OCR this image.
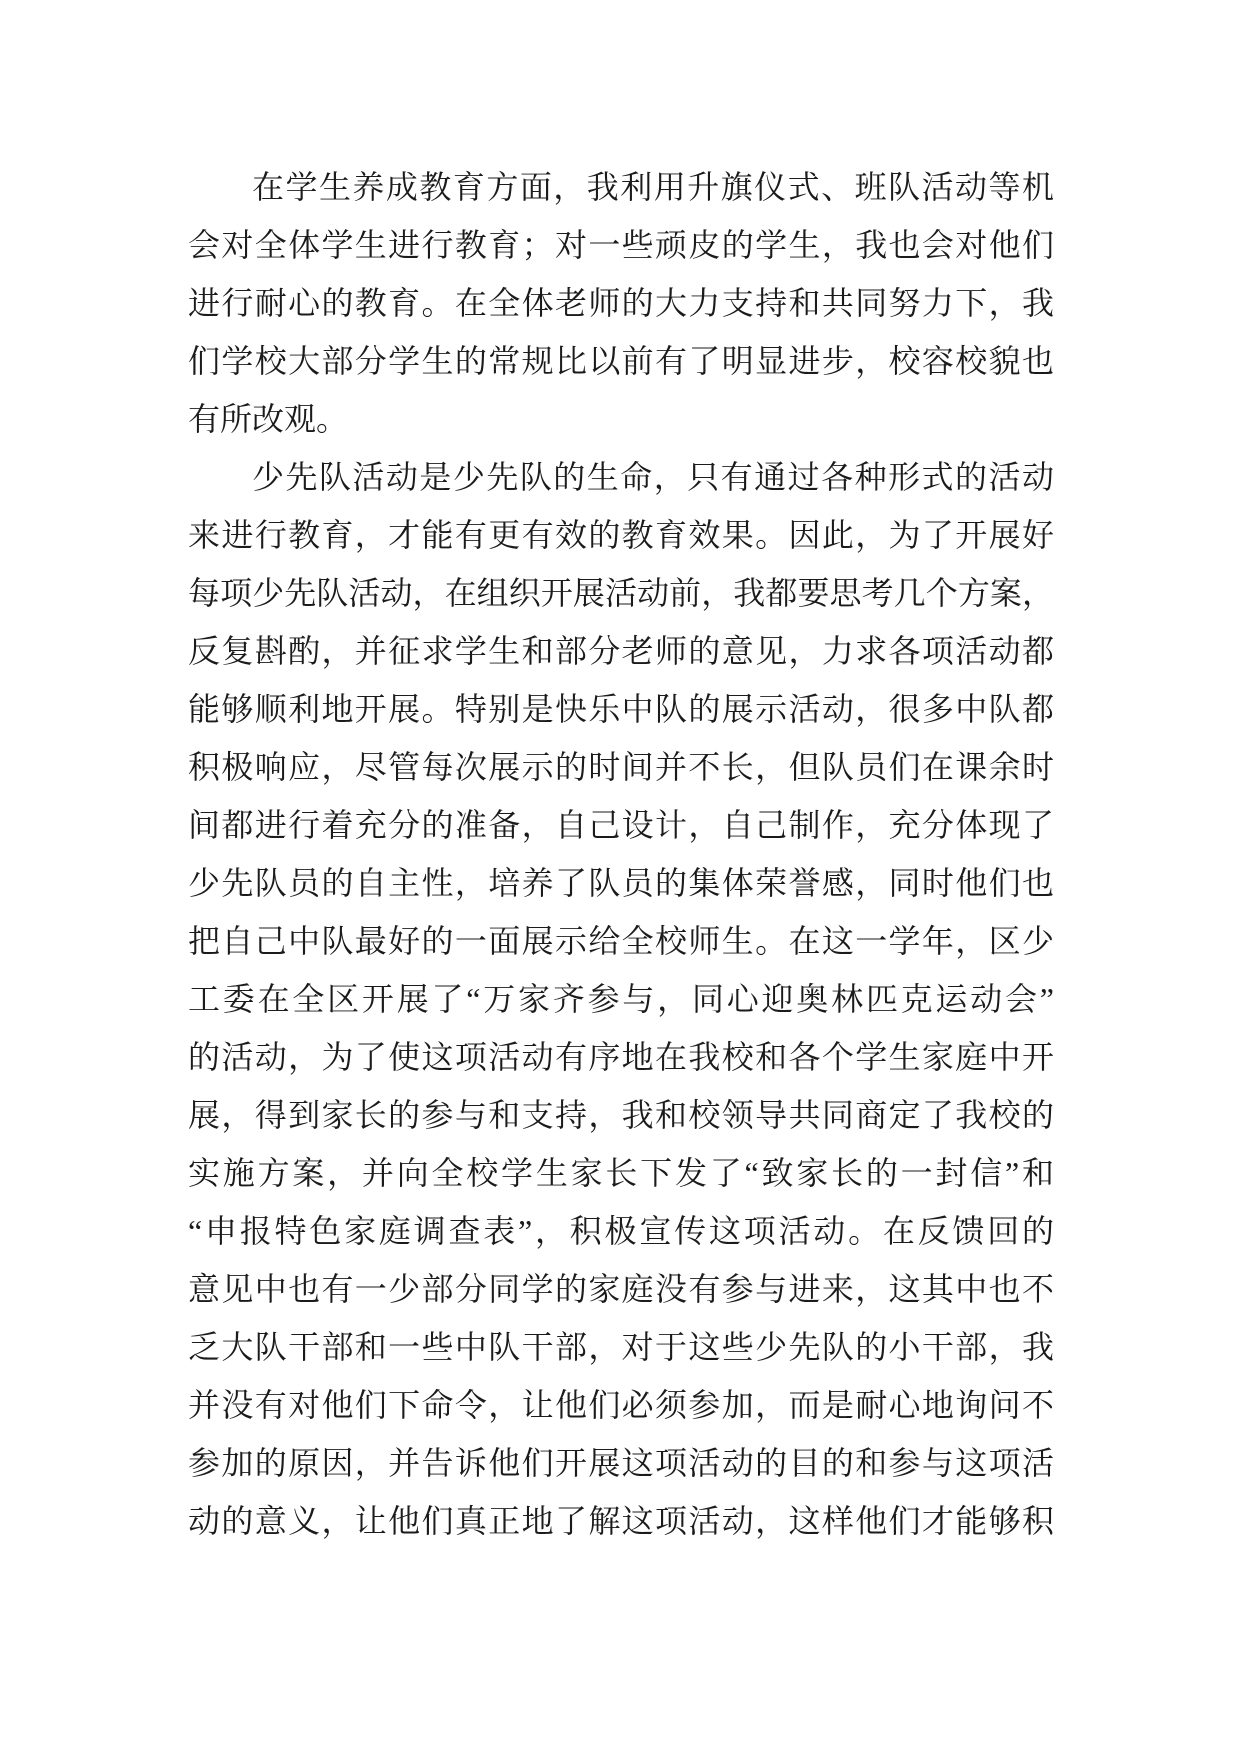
在学生养成教育方面，我利用升旗仪式、班队活动等机
会对全体学生进行教育；对一些顽皮的学生，我也会对他们
进行耐心的教育。在全体老师的大力支持和共同努力下，我
们学校大部分学生的常规比以前有了明显进步，校容校貌也
有所改观。
少先队活动是少先队的生命，只有通过各种形式的活动
来进行教育，才能有更有效的教育效果。因此，为了开展好
每项少先队活动，在组织开展活动前，我都要思考几个方案，
反复斟酌，并征求学生和部分老师的意见，力求各项活动都
能够顺利地开展。特别是快乐中队的展示活动，很多中队都
积极响应，尽管每次展示的时间并不长，但队员们在课余时
间都进行着充分的准备，自己设计，自己制作，充分体现了
少先队员的自主性，培养了队员的集体荣誉感，同时他们也
把自己中队最好的一面展示给全校师生。在这一学年，区少
工委在全区开展了“万家齐参与，同心迎奥林匹克运动会”
的活动，为了使这项活动有序地在我校和各个学生家庭中开
展，得到家长的参与和支持，我和校领导共同商定了我校的
实施方案，并向全校学生家长下发了“致家长的一封信”和
“申报特色家庭调查表”，积极宣传这项活动。在反馈回的
意见中也有一少部分同学的家庭没有参与进来，这其中也不
乏大队干部和一些中队干部，对于这些少先队的小干部，我
并没有对他们下命令，让他们必须参加，而是耐心地询问不
参加的原因，并告诉他们开展这项活动的目的和参与这项活
动的意义，让他们真正地了解这项活动，这样他们才能够积
